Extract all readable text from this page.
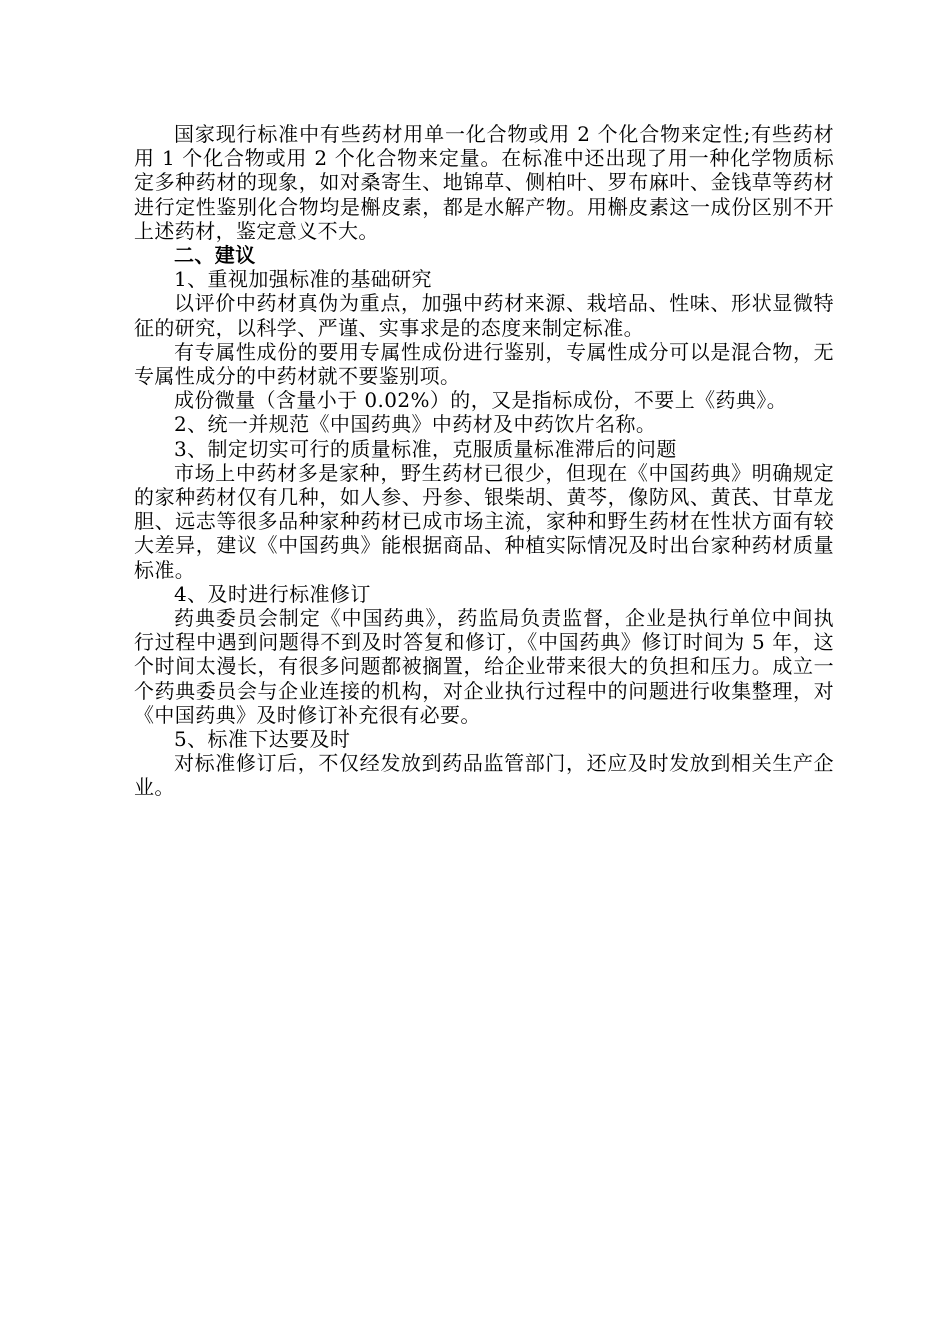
国家现行标准中有些药材用单一化合物或用 2 个化合物来定性;有些药材用 1 个化合物或用 2 个化合物来定量。在标准中还出现了用一种化学物质标定多种药材的现象，如对桑寄生、地锦草、侧柏叶、罗布麻叶、金钱草等药材进行定性鉴别化合物均是槲皮素，都是水解产物。用槲皮素这一成份区别不开上述药材，鉴定意义不大。

二、建议

1、重视加强标准的基础研究

以评价中药材真伪为重点，加强中药材来源、栽培品、性味、形状显微特征的研究，以科学、严谨、实事求是的态度来制定标准。

有专属性成份的要用专属性成份进行鉴别，专属性成分可以是混合物，无专属性成分的中药材就不要鉴别项。

成份微量（含量小于 0.02%）的，又是指标成份，不要上《药典》。

2、统一并规范《中国药典》中药材及中药饮片名称。

3、制定切实可行的质量标准，克服质量标准滞后的问题

市场上中药材多是家种，野生药材已很少，但现在《中国药典》明确规定的家种药材仅有几种，如人参、丹参、银柴胡、黄芩，像防风、黄芪、甘草龙胆、远志等很多品种家种药材已成市场主流，家种和野生药材在性状方面有较大差异，建议《中国药典》能根据商品、种植实际情况及时出台家种药材质量标准。

4、及时进行标准修订

药典委员会制定《中国药典》，药监局负责监督，企业是执行单位中间执行过程中遇到问题得不到及时答复和修订，《中国药典》修订时间为 5 年，这个时间太漫长，有很多问题都被搁置，给企业带来很大的负担和压力。成立一个药典委员会与企业连接的机构，对企业执行过程中的问题进行收集整理，对《中国药典》及时修订补充很有必要。

5、标准下达要及时

对标准修订后，不仅经发放到药品监管部门，还应及时发放到相关生产企业。
